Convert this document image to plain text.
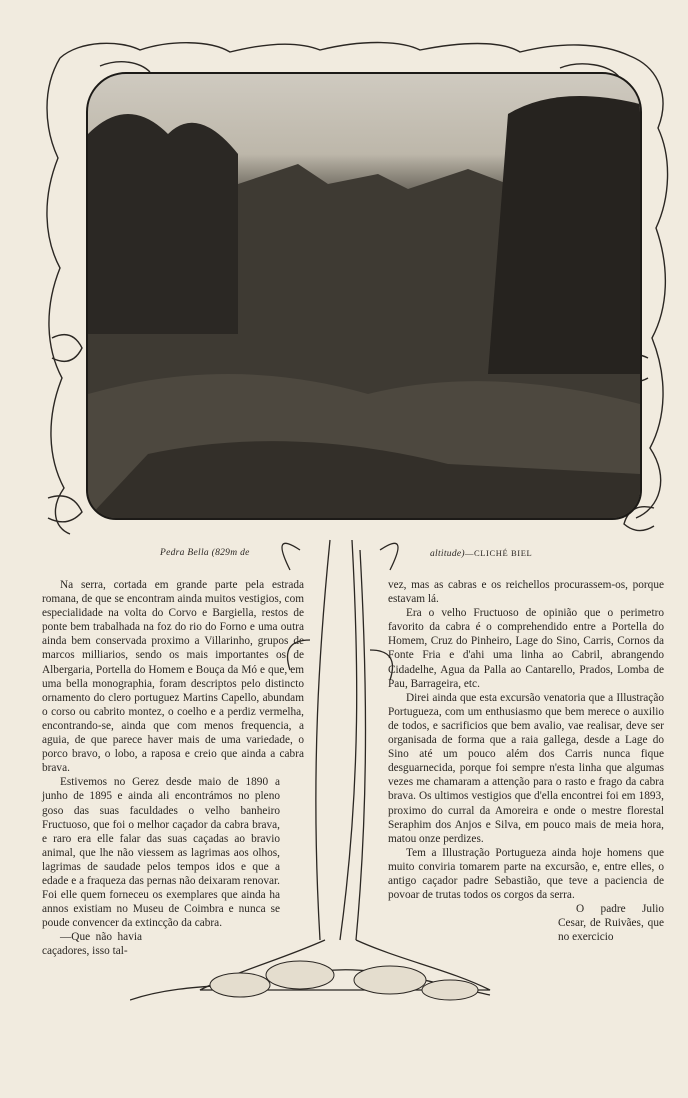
Pedra Bella (829m de	altitude)—CLICHÉ BIEL

Na serra, cortada em grande parte pela estrada romana, de que se encontram ainda muitos vestigios, com especialidade na volta do Corvo e Bargiella, restos de ponte bem trabalhada na foz do rio do Forno e uma outra ainda bem conservada proximo a Villarinho, grupos de marcos milliarios, sendo os mais importantes os de Albergaria, Portella do Homem e Bouça da Mó e que, em uma bella monographia, foram descriptos pelo distincto ornamento do clero portuguez Martins Capello, abundam o corso ou cabrito montez, o coelho e a perdiz vermelha, encontrando-se, ainda que com menos frequencia, a aguia, de que parece haver mais de uma variedade, o porco bravo, o lobo, a raposa e creio que ainda a cabra brava.

Estivemos no Gerez desde maio de 1890 a junho de 1895 e ainda ali encontrámos no pleno goso das suas faculdades o velho banheiro Fructuoso, que foi o melhor caçador da cabra brava, e raro era elle falar das suas caçadas ao bravio animal, que lhe não viessem as lagrimas aos olhos, lagrimas de saudade pelos tempos idos e que a edade e a fraqueza das pernas não deixaram renovar. Foi elle quem forneceu os exemplares que ainda ha annos existiam no Museu de Coimbra e nunca se poude convencer da extincção da cabra.

—Que não havia caçadores, isso tal-

vez, mas as cabras e os reichellos procurassem-os, porque estavam lá.

Era o velho Fructuoso de opinião que o perimetro favorito da cabra é o comprehendido entre a Portella do Homem, Cruz do Pinheiro, Lage do Sino, Carris, Cornos da Fonte Fria e d'ahi uma linha ao Cabril, abrangendo Cidadelhe, Agua da Palla ao Cantarello, Prados, Lomba de Pau, Barrageira, etc.

Direi ainda que esta excursão venatoria que a Illustração Portugueza, com um enthusiasmo que bem merece o auxilio de todos, e sacrificios que bem avalio, vae realisar, deve ser organisada de forma que a raia gallega, desde a Lage do Sino até um pouco além dos Carris nunca fique desguarnecida, porque foi sempre n'esta linha que algumas vezes me chamaram a attenção para o rasto e frago da cabra brava. Os ultimos vestigios que d'ella encontrei foi em 1893, proximo do curral da Amoreira e onde o mestre florestal Seraphim dos Anjos e Silva, em pouco mais de meia hora, matou onze perdizes.

Tem a Illustração Portugueza ainda hoje homens que muito conviria tomarem parte na excursão, e, entre elles, o antigo caçador padre Sebastião, que teve a paciencia de povoar de trutas todos os corgos da serra.

O padre Julio Cesar, de Ruivães, que no exercicio
